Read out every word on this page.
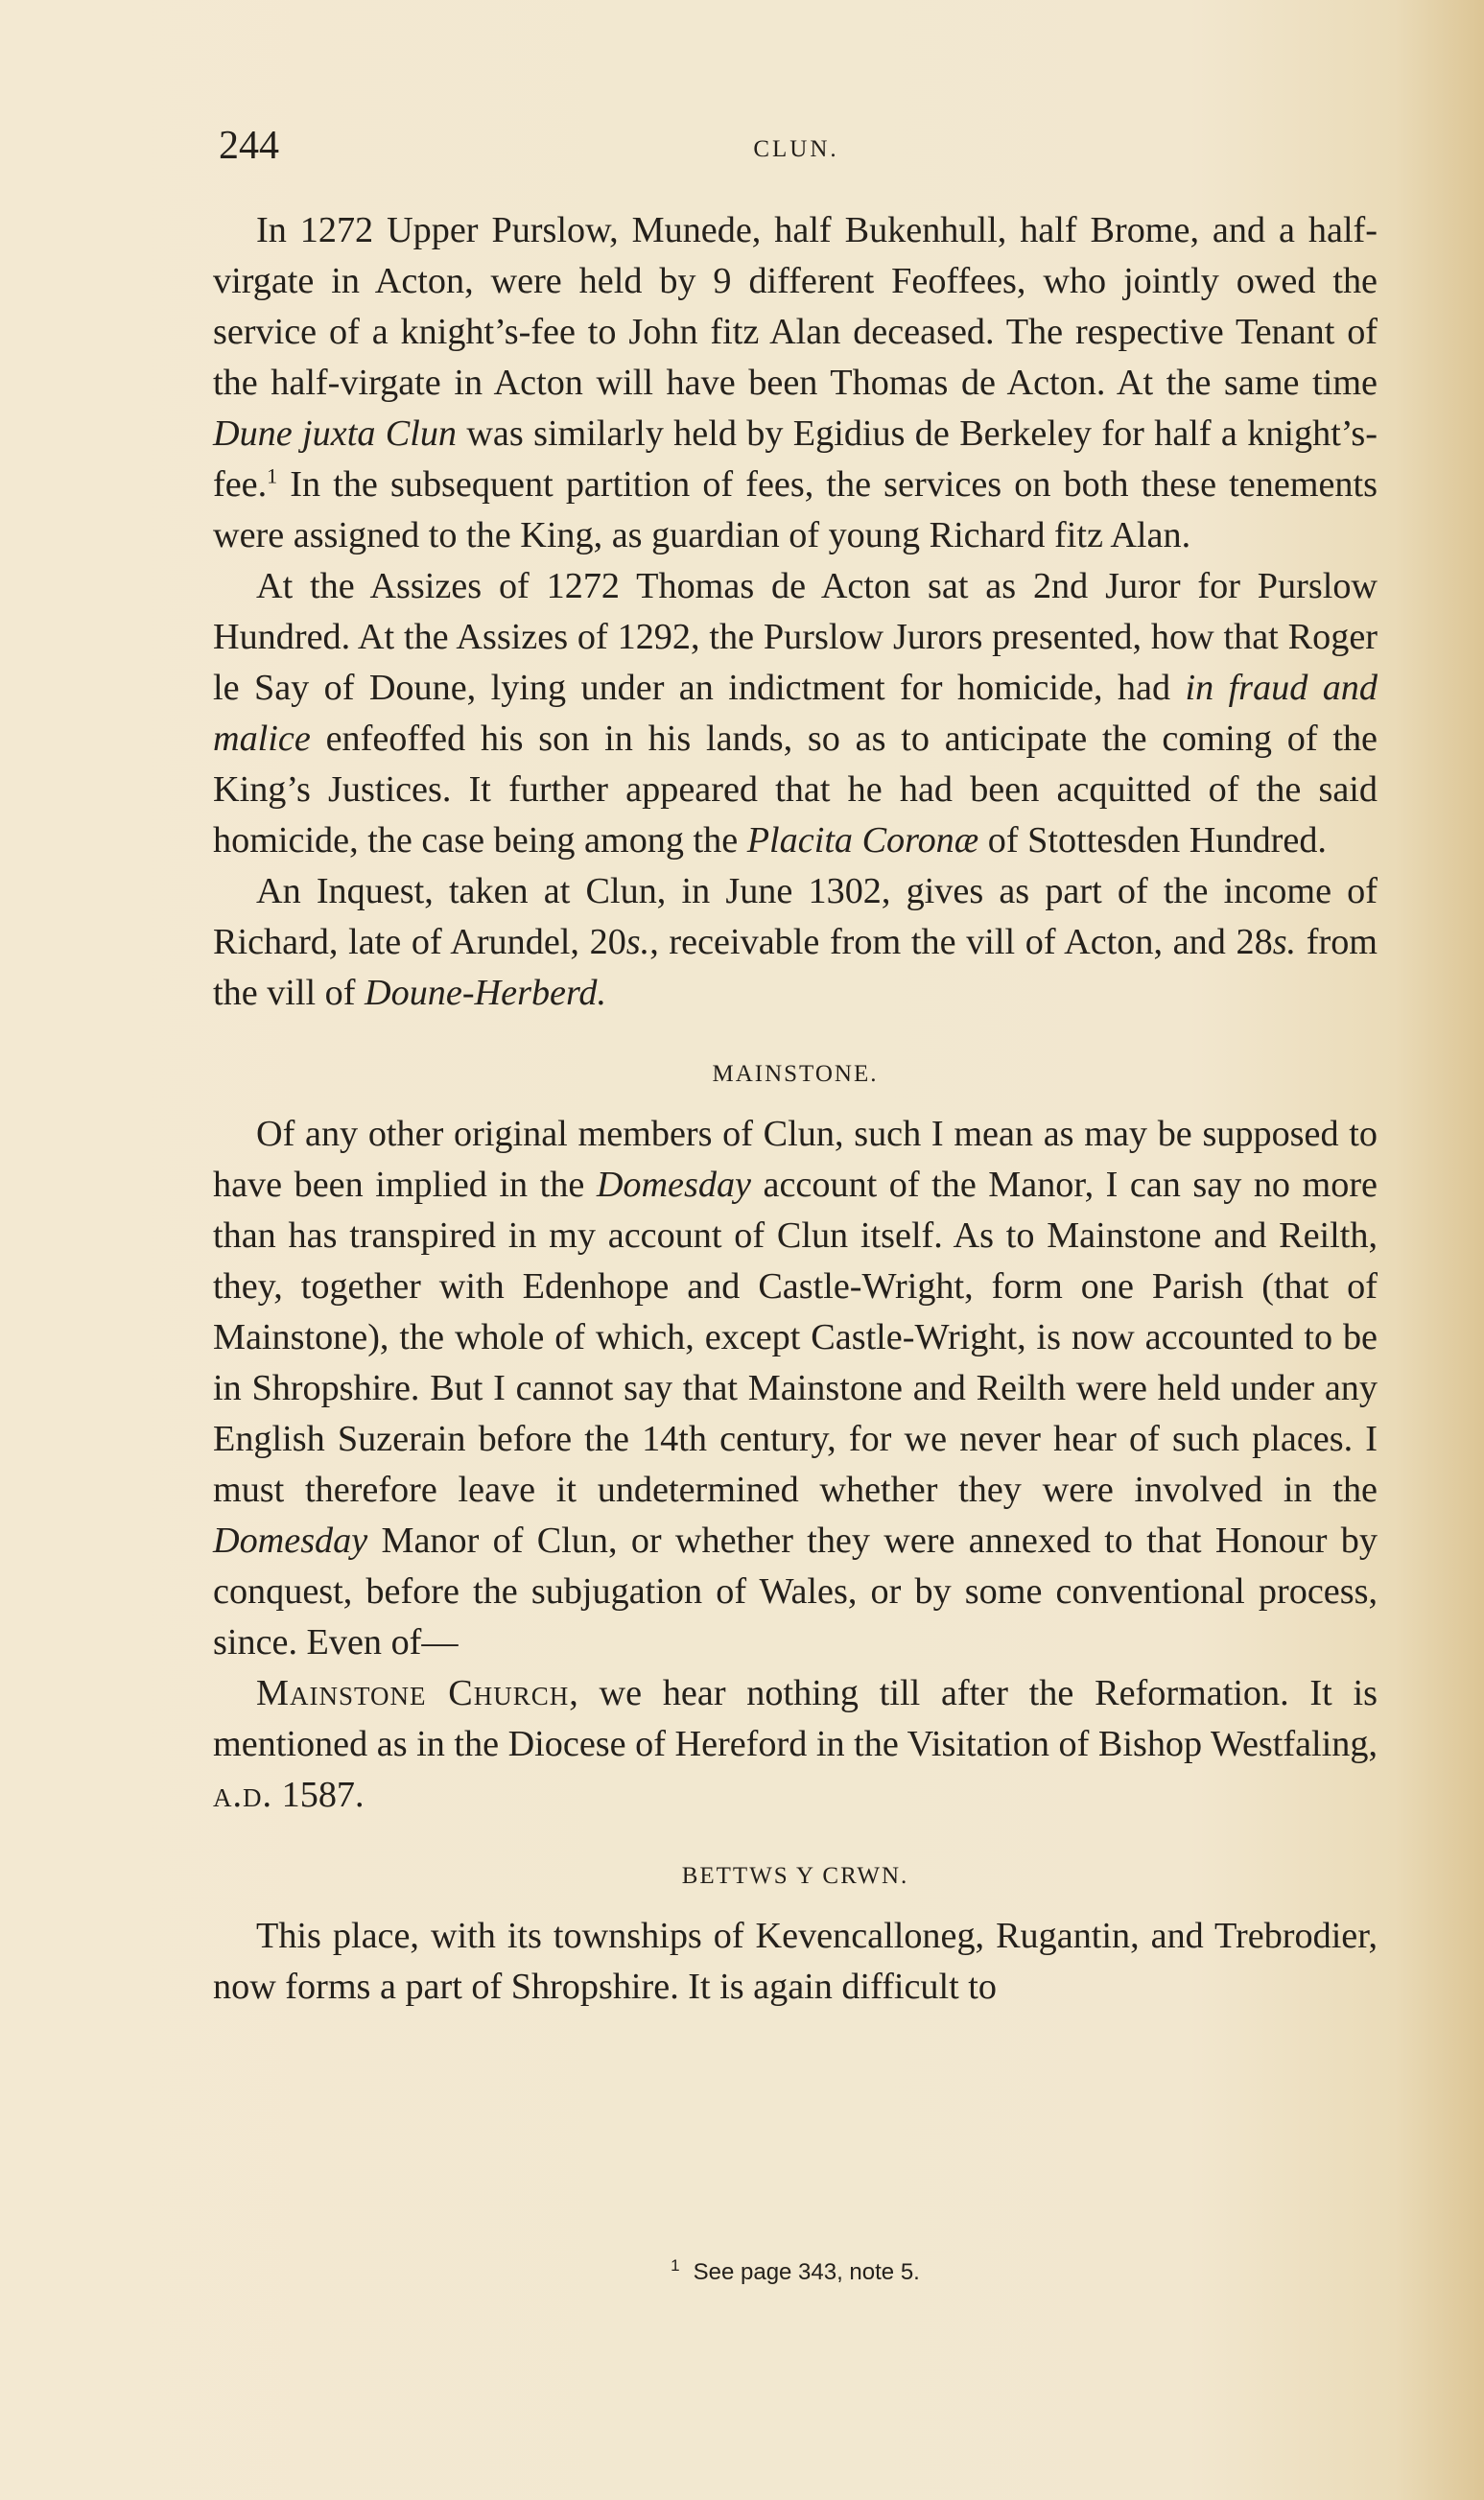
244	CLUN.

In 1272 Upper Purslow, Munede, half Bukenhull, half Brome, and a half-virgate in Acton, were held by 9 different Feoffees, who jointly owed the service of a knight’s-fee to John fitz Alan deceased. The respective Tenant of the half-virgate in Acton will have been Thomas de Acton. At the same time Dune juxta Clun was similarly held by Egidius de Berkeley for half a knight’s-fee.$^1$ In the subsequent partition of fees, the services on both these tenements were assigned to the King, as guardian of young Richard fitz Alan.

At the Assizes of 1272 Thomas de Acton sat as 2nd Juror for Purslow Hundred. At the Assizes of 1292, the Purslow Jurors presented, how that Roger le Say of Doune, lying under an indictment for homicide, had in fraud and malice enfeoffed his son in his lands, so as to anticipate the coming of the King’s Justices. It further appeared that he had been acquitted of the said homicide, the case being among the Placita Coronæ of Stottesden Hundred.

An Inquest, taken at Clun, in June 1302, gives as part of the income of Richard, late of Arundel, 20s., receivable from the vill of Acton, and 28s. from the vill of Doune-Herberd.

MAINSTONE.

Of any other original members of Clun, such I mean as may be supposed to have been implied in the Domesday account of the Manor, I can say no more than has transpired in my account of Clun itself. As to Mainstone and Reilth, they, together with Edenhope and Castle-Wright, form one Parish (that of Mainstone), the whole of which, except Castle-Wright, is now accounted to be in Shropshire. But I cannot say that Mainstone and Reilth were held under any English Suzerain before the 14th century, for we never hear of such places. I must therefore leave it undetermined whether they were involved in the Domesday Manor of Clun, or whether they were annexed to that Honour by conquest, before the subjugation of Wales, or by some conventional process, since. Even of—

Mainstone Church, we hear nothing till after the Reformation. It is mentioned as in the Diocese of Hereford in the Visitation of Bishop Westfaling, a.d. 1587.

BETTWS Y CRWN.

This place, with its townships of Kevencalloneg, Rugantin, and Trebrodier, now forms a part of Shropshire. It is again difficult to

$^1$ See page 343, note 5.
